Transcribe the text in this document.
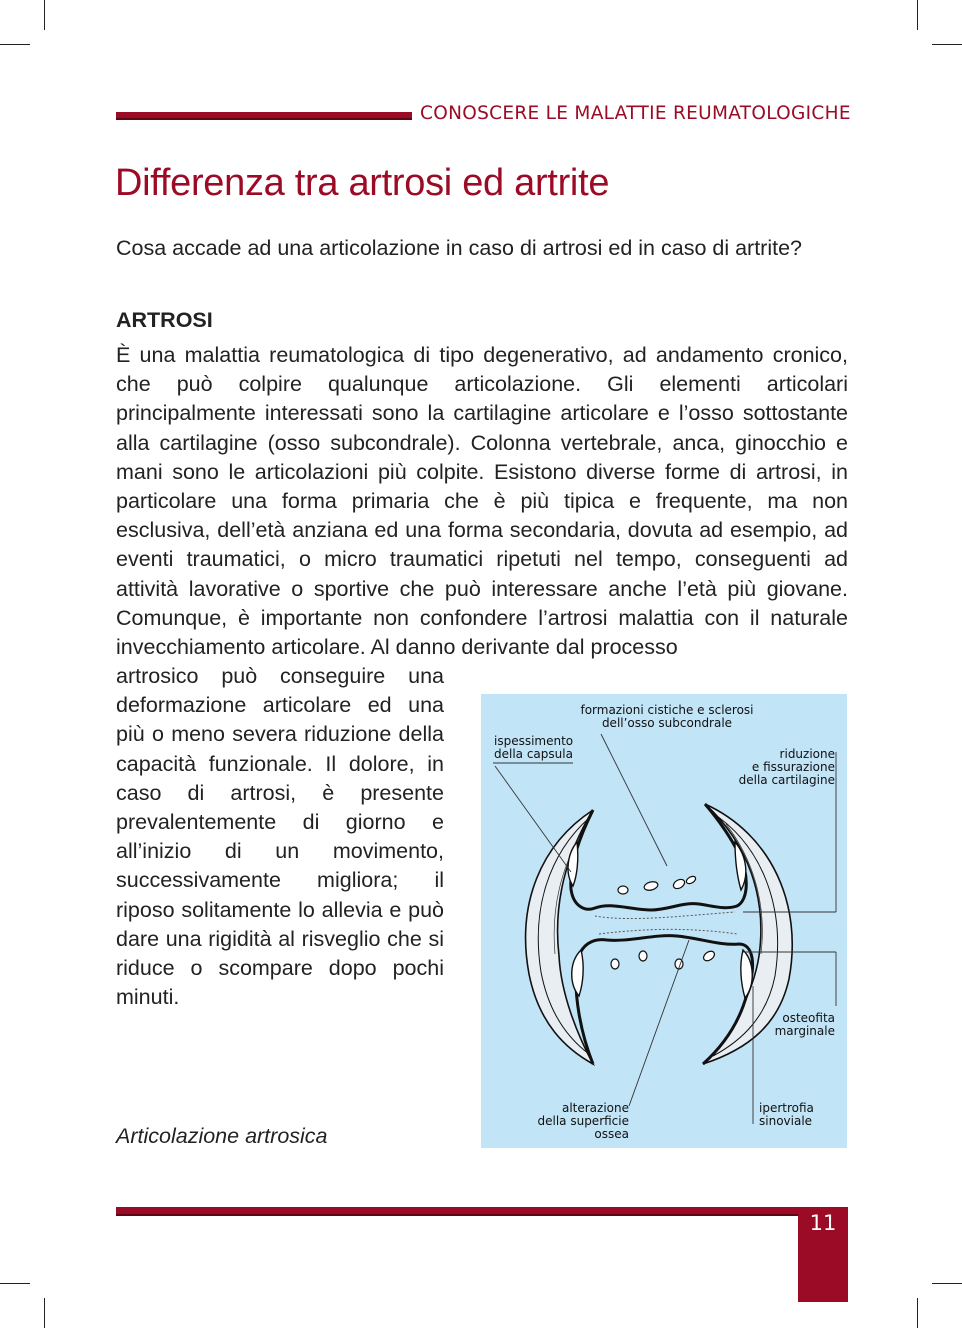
CONOSCERE LE MALATTIE REUMATOLOGICHE
Differenza tra artrosi ed artrite
Cosa accade ad una articolazione in caso di artrosi ed in caso di artrite?
ARTROSI
È una malattia reumatologica di tipo degenerativo, ad andamento cronico, che può colpire qualunque articolazione. Gli elementi articolari principalmente interessati sono la cartilagine articolare e l’osso sottostante alla cartilagine (osso subcondrale). Colonna vertebrale, anca, ginocchio e mani sono le articolazioni più colpite. Esistono diverse forme di artrosi, in particolare una forma primaria che è più tipica e frequente, ma non esclusiva, dell’età anziana ed una forma secondaria, dovuta ad esempio, ad eventi traumatici, o micro traumatici ripetuti nel tempo, conseguenti ad attività lavorative o sportive che può interessare anche l’età più giovane. Comunque, è importante non confondere l’artrosi malattia con il naturale invecchiamento articolare. Al danno derivante dal processo
artrosico può conseguire una deformazione articolare ed una più o meno severa riduzione della capacità funzionale. Il dolore, in caso di artrosi, è presente prevalentemente di giorno e all’inizio di un movimento, successivamente migliora; il riposo solitamente lo allevia e può dare una rigidità al risveglio che si riduce o scompare dopo pochi minuti.
Articolazione artrosica
formazioni cistiche e sclerosi
dell’osso subcondrale
ispessimento
della capsula	riduzione
e fissurazione
della cartilagine
osteofita
marginale
alterazione
della superficie
ossea
ipertrofia
sinoviale
11
